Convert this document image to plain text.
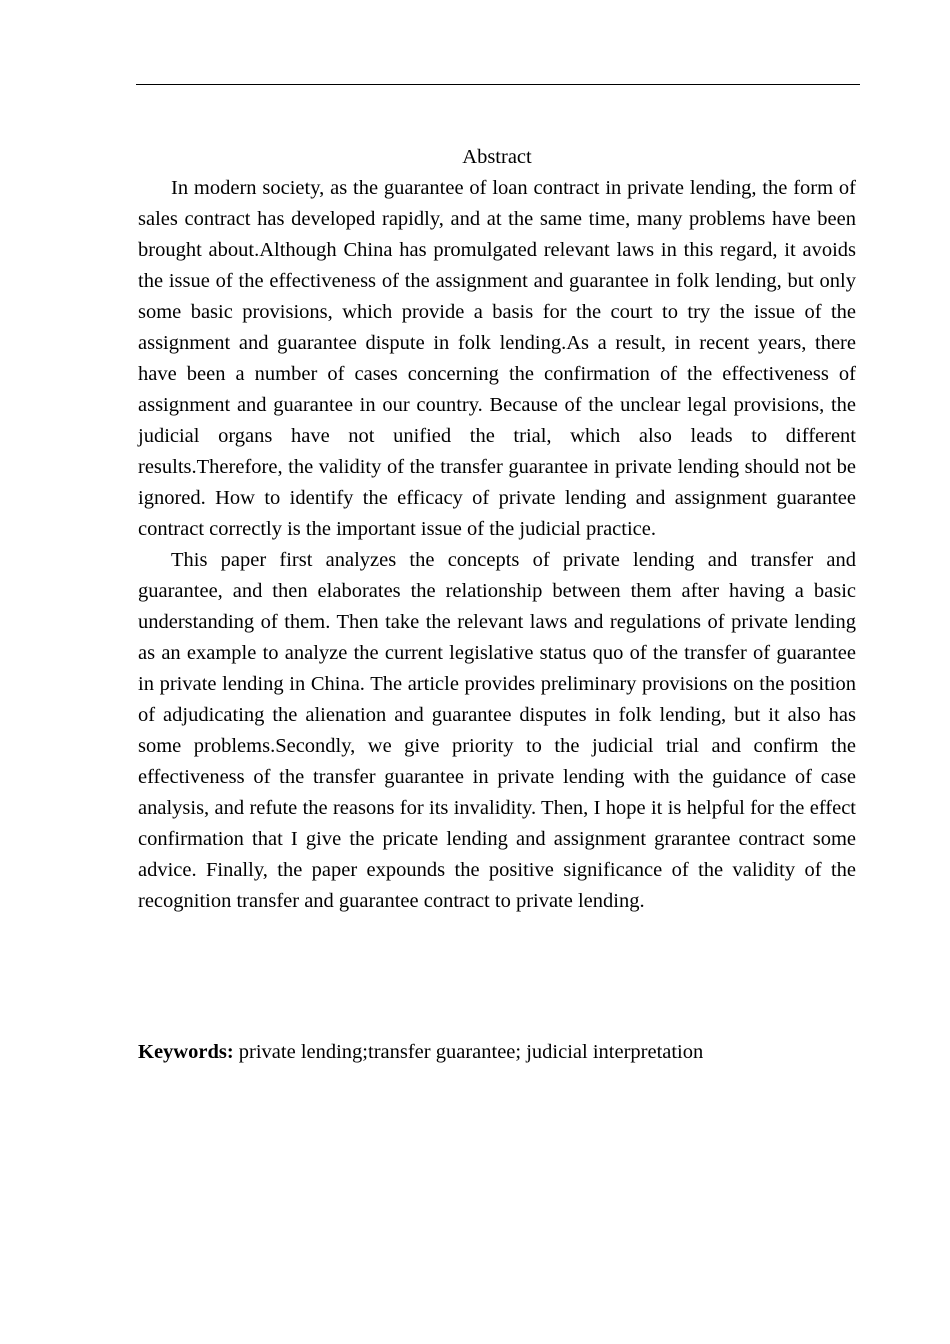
Abstract

In modern society, as the guarantee of loan contract in private lending, the form of sales contract has developed rapidly, and at the same time, many problems have been brought about.Although China has promulgated relevant laws in this regard, it avoids the issue of the effectiveness of the assignment and guarantee in folk lending, but only some basic provisions, which provide a basis for the court to try the issue of the assignment and guarantee dispute in folk lending.As a result, in recent years, there have been a number of cases concerning the confirmation of the effectiveness of assignment and guarantee in our country. Because of the unclear legal provisions, the judicial organs have not unified the trial, which also leads to different results.Therefore, the validity of the transfer guarantee in private lending should not be ignored. How to identify the efficacy of private lending and assignment guarantee contract correctly is the important issue of the judicial practice.

This paper first analyzes the concepts of private lending and transfer and guarantee, and then elaborates the relationship between them after having a basic understanding of them. Then take the relevant laws and regulations of private lending as an example to analyze the current legislative status quo of the transfer of guarantee in private lending in China. The article provides preliminary provisions on the position of adjudicating the alienation and guarantee disputes in folk lending, but it also has some problems.Secondly, we give priority to the judicial trial and confirm the effectiveness of the transfer guarantee in private lending with the guidance of case analysis, and refute the reasons for its invalidity. Then, I hope it is helpful for the effect confirmation that I give the pricate lending and assignment grarantee contract some advice. Finally, the paper expounds the positive significance of the validity of the recognition transfer and guarantee contract to private lending.

Keywords: private lending;transfer guarantee; judicial interpretation
